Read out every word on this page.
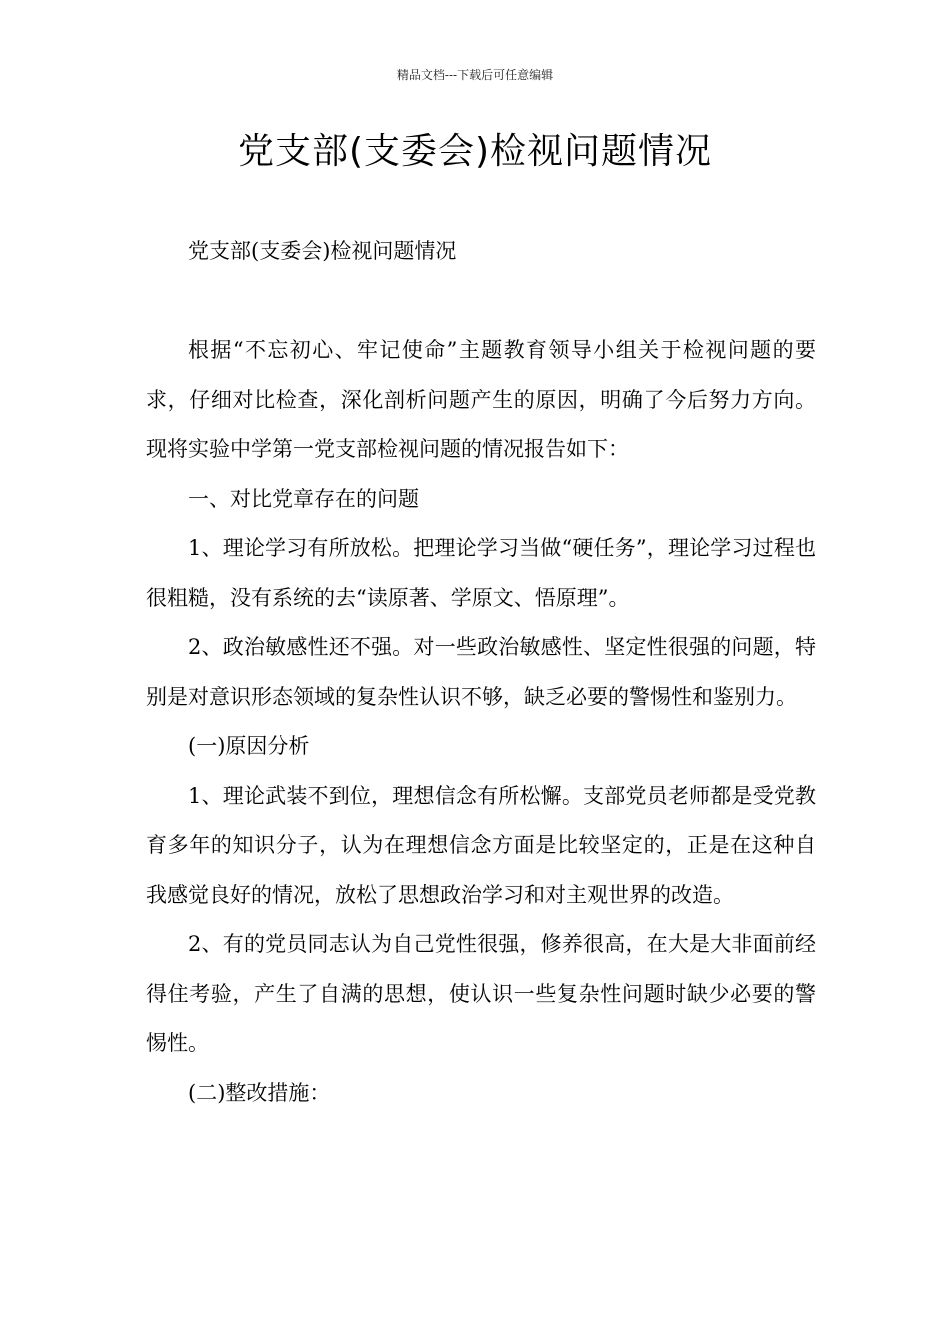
精品文档---下载后可任意编辑
党支部(支委会)检视问题情况

党支部(支委会)检视问题情况

根据“不忘初心、牢记使命”主题教育领导小组关于检视问题的要求，仔细对比检查，深化剖析问题产生的原因，明确了今后努力方向。现将实验中学第一党支部检视问题的情况报告如下：

一、对比党章存在的问题

1、理论学习有所放松。把理论学习当做“硬任务”，理论学习过程也很粗糙，没有系统的去“读原著、学原文、悟原理”。

2、政治敏感性还不强。对一些政治敏感性、坚定性很强的问题，特别是对意识形态领域的复杂性认识不够，缺乏必要的警惕性和鉴别力。

(一)原因分析

1、理论武装不到位，理想信念有所松懈。支部党员老师都是受党教育多年的知识分子，认为在理想信念方面是比较坚定的，正是在这种自我感觉良好的情况，放松了思想政治学习和对主观世界的改造。

2、有的党员同志认为自己党性很强，修养很高，在大是大非面前经得住考验，产生了自满的思想，使认识一些复杂性问题时缺少必要的警惕性。

(二)整改措施：
